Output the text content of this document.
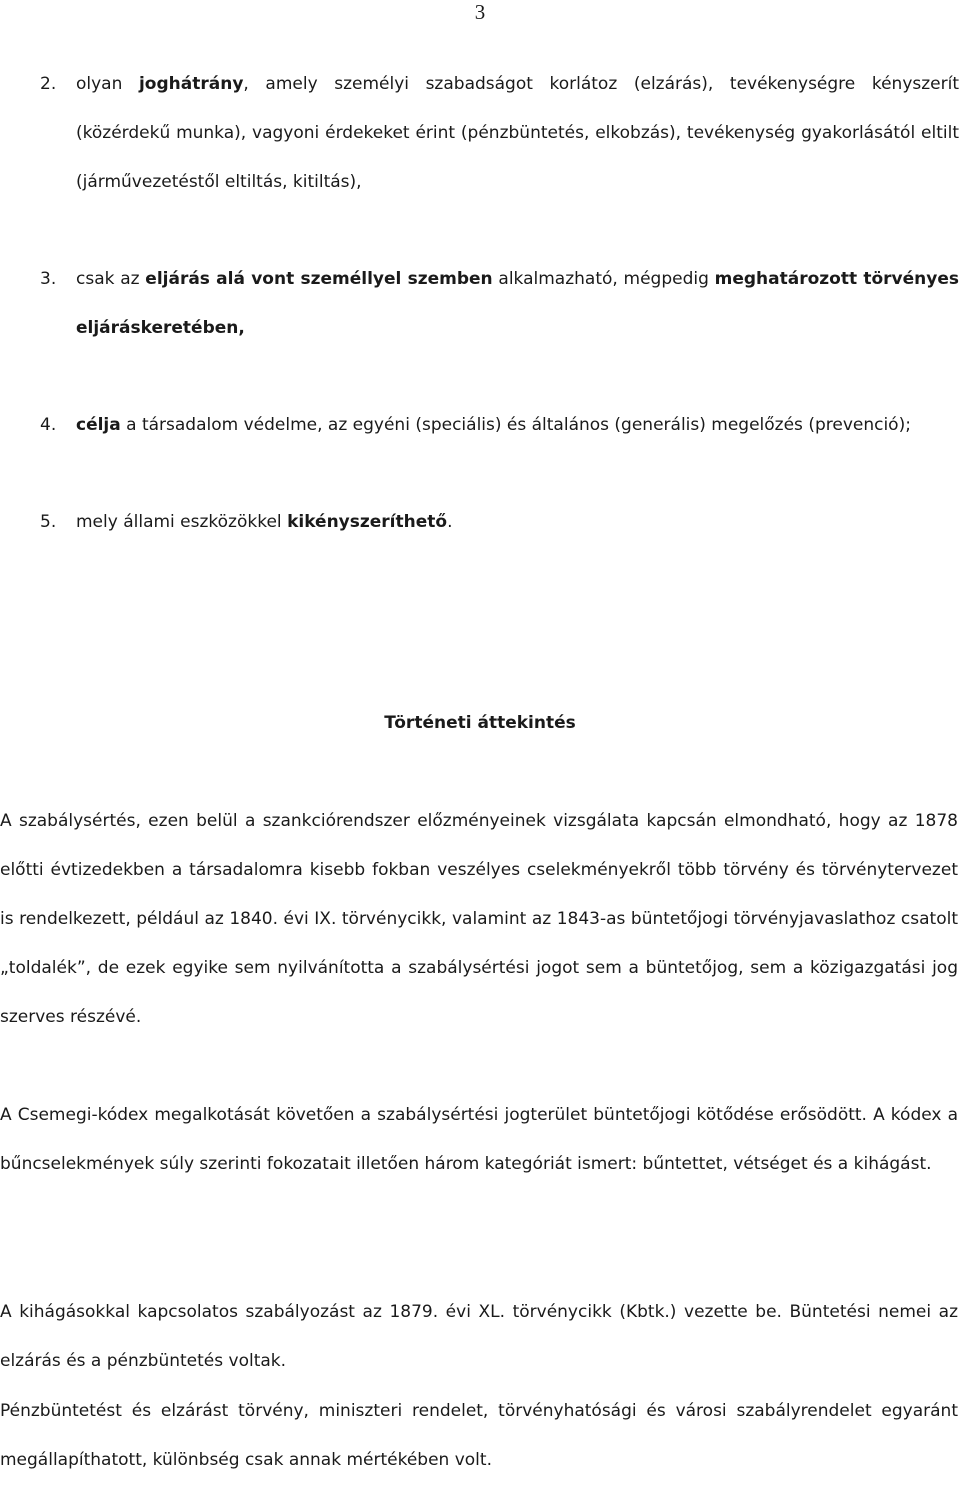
3
2.	olyan joghátrány, amely személyi szabadságot korlátoz (elzárás), tevékenységre kényszerít (közérdekű munka), vagyoni érdekeket érint (pénzbüntetés, elkobzás), tevékenység gyakorlásától eltilt (járművezetéstől eltiltás, kitiltás),
3.	csak az eljárás alá vont személlyel szemben alkalmazható, mégpedig meghatározott törvényes eljáráskeretében,
4.	célja a társadalom védelme, az egyéni (speciális) és általános (generális) megelőzés (prevenció);
5.	mely állami eszközökkel kikényszeríthető.
Történeti áttekintés
A szabálysértés, ezen belül a szankciórendszer előzményeinek vizsgálata kapcsán elmondható, hogy az 1878 előtti évtizedekben a társadalomra kisebb fokban veszélyes cselekményekről több törvény és törvénytervezet is rendelkezett, például az 1840. évi IX. törvénycikk, valamint az 1843-as büntetőjogi törvényjavaslathoz csatolt „toldalék”, de ezek egyike sem nyilvánította a szabálysértési jogot sem a büntetőjog, sem a közigazgatási jog szerves részévé.
A Csemegi-kódex megalkotását követően a szabálysértési jogterület büntetőjogi kötődése erősödött. A kódex a bűncselekmények súly szerinti fokozatait illetően három kategóriát ismert: bűntettet, vétséget és a kihágást.
A kihágásokkal kapcsolatos szabályozást az 1879. évi XL. törvénycikk (Kbtk.) vezette be. Büntetési nemei az elzárás és a pénzbüntetés voltak.
Pénzbüntetést és elzárást törvény, miniszteri rendelet, törvényhatósági és városi szabályrendelet egyaránt megállapíthatott, különbség csak annak mértékében volt.
